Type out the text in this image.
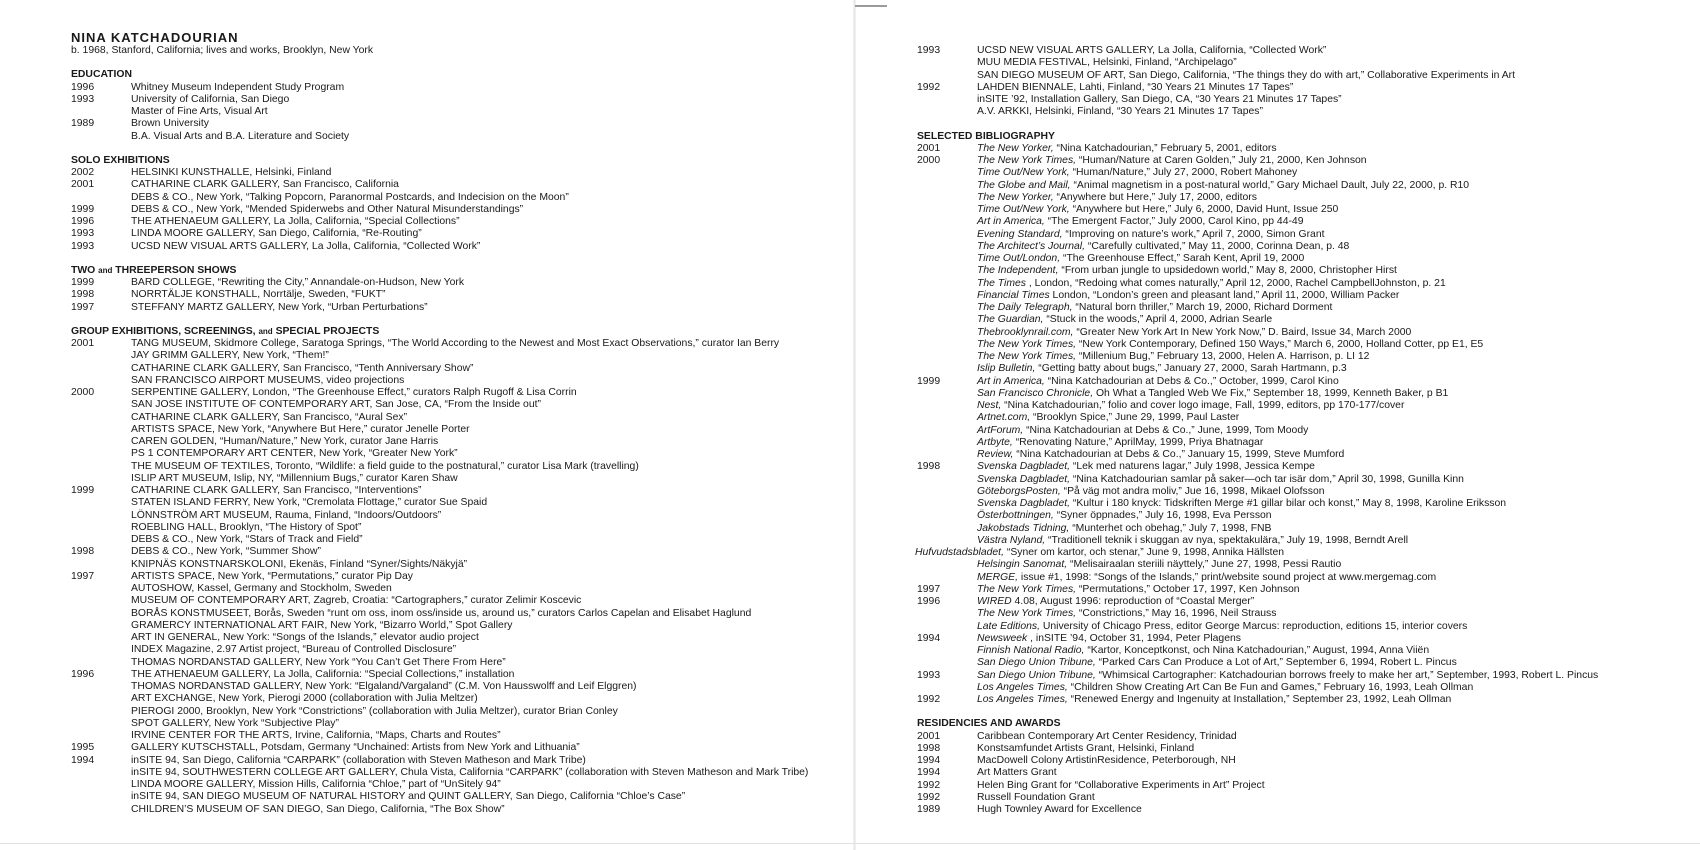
NINA KATCHADOURIAN
b. 1968, Stanford, California; lives and works, Brooklyn, New York
EDUCATION
1996	Whitney Museum Independent Study Program
1993	University of California, San Diego
Master of Fine Arts, Visual Art
1989	Brown University
B.A. Visual Arts and B.A. Literature and Society
SOLO EXHIBITIONS
2002	HELSINKI KUNSTHALLE, Helsinki, Finland
2001	CATHARINE CLARK GALLERY, San Francisco, California
DEBS & CO., New York, “Talking Popcorn, Paranormal Postcards, and Indecision on the Moon”
1999	DEBS & CO., New York, “Mended Spiderwebs and Other Natural Misunderstandings”
1996	THE ATHENAEUM GALLERY, La Jolla, California, “Special Collections”
1993	LINDA MOORE GALLERY, San Diego, California, “Re-Routing”
1993	UCSD NEW VISUAL ARTS GALLERY, La Jolla, California, “Collected Work”
TWO and THREEPERSON SHOWS
1999	BARD COLLEGE, “Rewriting the City,” Annandale-on-Hudson, New York
1998	NORRTÄLJE KONSTHALL, Norrtälje, Sweden, “FUKT”
1997	STEFFANY MARTZ GALLERY, New York, “Urban Perturbations”
GROUP EXHIBITIONS, SCREENINGS, and SPECIAL PROJECTS
2001	TANG MUSEUM, Skidmore College, Saratoga Springs, “The World According to the Newest and Most Exact Observations,” curator Ian Berry
JAY GRIMM GALLERY, New York, “Them!”
CATHARINE CLARK GALLERY, San Francisco, “Tenth Anniversary Show”
SAN FRANCISCO AIRPORT MUSEUMS, video projections
2000	SERPENTINE GALLERY, London, “The Greenhouse Effect,” curators Ralph Rugoff & Lisa Corrin
SAN JOSE INSTITUTE OF CONTEMPORARY ART, San Jose, CA, “From the Inside out”
CATHARINE CLARK GALLERY, San Francisco, “Aural Sex”
ARTISTS SPACE, New York, “Anywhere But Here,” curator Jenelle Porter
CAREN GOLDEN, “Human/Nature,” New York, curator Jane Harris
PS 1 CONTEMPORARY ART CENTER, New York, “Greater New York”
THE MUSEUM OF TEXTILES, Toronto, “Wildlife: a field guide to the postnatural,” curator Lisa Mark (travelling)
ISLIP ART MUSEUM, Islip, NY, “Millennium Bugs,” curator Karen Shaw
1999	CATHARINE CLARK GALLERY, San Francisco, “Interventions”
STATEN ISLAND FERRY, New York, “Cremolata Flottage,” curator Sue Spaid
LÖNNSTRÖM ART MUSEUM, Rauma, Finland, “Indoors/Outdoors”
ROEBLING HALL, Brooklyn, “The History of Spot”
DEBS & CO., New York, “Stars of Track and Field”
1998	DEBS & CO., New York, “Summer Show”
KNIPNÄS KONSTNARSKOLONI, Ekenäs, Finland “Syner/Sights/Näkyjä”
1997	ARTISTS SPACE, New York, “Permutations,” curator Pip Day
AUTOSHOW, Kassel, Germany and Stockholm, Sweden
MUSEUM OF CONTEMPORARY ART, Zagreb, Croatia: “Cartographers,” curator Zelimir Koscevic
BORÅS KONSTMUSEET, Borås, Sweden “runt om oss, inom oss/inside us, around us,” curators Carlos Capelan and Elisabet Haglund
GRAMERCY INTERNATIONAL ART FAIR, New York, “Bizarro World,” Spot Gallery
ART IN GENERAL, New York: “Songs of the Islands,” elevator audio project
INDEX Magazine, 2.97 Artist project, “Bureau of Controlled Disclosure”
THOMAS NORDANSTAD GALLERY, New York “You Can’t Get There From Here”
1996	THE ATHENAEUM GALLERY, La Jolla, California: “Special Collections,” installation
THOMAS NORDANSTAD GALLERY, New York: “Elgaland/Vargaland” (C.M. Von Hausswolff and Leif Elggren)
ART EXCHANGE, New York, Pierogi 2000 (collaboration with Julia Meltzer)
PIEROGI 2000, Brooklyn, New York “Constrictions” (collaboration with Julia Meltzer), curator Brian Conley
SPOT GALLERY, New York “Subjective Play”
IRVINE CENTER FOR THE ARTS, Irvine, California, “Maps, Charts and Routes”
1995	GALLERY KUTSCHSTALL, Potsdam, Germany “Unchained: Artists from New York and Lithuania”
1994	inSITE 94, San Diego, California “CARPARK” (collaboration with Steven Matheson and Mark Tribe)
inSITE 94, SOUTHWESTERN COLLEGE ART GALLERY, Chula Vista, California “CARPARK” (collaboration with Steven Matheson and Mark Tribe)
LINDA MOORE GALLERY, Mission Hills, California “Chloe,” part of “UnSitely 94”
inSITE 94, SAN DIEGO MUSEUM OF NATURAL HISTORY and QUINT GALLERY, San Diego, California “Chloe’s Case”
CHILDREN’S MUSEUM OF SAN DIEGO, San Diego, California, “The Box Show”
1993	UCSD NEW VISUAL ARTS GALLERY, La Jolla, California, “Collected Work”
MUU MEDIA FESTIVAL, Helsinki, Finland, “Archipelago”
SAN DIEGO MUSEUM OF ART, San Diego, California, “The things they do with art,” Collaborative Experiments in Art
1992	LAHDEN BIENNALE, Lahti, Finland, “30 Years 21 Minutes 17 Tapes”
inSITE ’92, Installation Gallery, San Diego, CA, “30 Years 21 Minutes 17 Tapes”
A.V. ARKKI, Helsinki, Finland, “30 Years 21 Minutes 17 Tapes”
SELECTED BIBLIOGRAPHY
2001	The New Yorker, “Nina Katchadourian,” February 5, 2001, editors
2000	The New York Times, “Human/Nature at Caren Golden,” July 21, 2000, Ken Johnson
Time Out/New York, “Human/Nature,” July 27, 2000, Robert Mahoney
The Globe and Mail, “Animal magnetism in a post-natural world,” Gary Michael Dault, July 22, 2000, p. R10
The New Yorker, “Anywhere but Here,” July 17, 2000, editors
Time Out/New York, “Anywhere but Here,” July 6, 2000, David Hunt, Issue 250
Art in America, “The Emergent Factor,” July 2000, Carol Kino, pp 44-49
Evening Standard, “Improving on nature’s work,” April 7, 2000, Simon Grant
The Architect’s Journal, “Carefully cultivated,” May 11, 2000, Corinna Dean, p. 48
Time Out/London, “The Greenhouse Effect,” Sarah Kent, April 19, 2000
The Independent, “From urban jungle to upsidedown world,” May 8, 2000, Christopher Hirst
The Times , London, “Redoing what comes naturally,” April 12, 2000, Rachel CampbellJohnston, p. 21
Financial Times London, “London’s green and pleasant land,” April 11, 2000, William Packer
The Daily Telegraph, “Natural born thriller,” March 19, 2000, Richard Dorment
The Guardian, “Stuck in the woods,” April 4, 2000, Adrian Searle
Thebrooklynrail.com, “Greater New York Art In New York Now,” D. Baird, Issue 34, March 2000
The New York Times, “New York Contemporary, Defined 150 Ways,” March 6, 2000, Holland Cotter, pp E1, E5
The New York Times, “Millenium Bug,” February 13, 2000, Helen A. Harrison, p. LI 12
Islip Bulletin, “Getting batty about bugs,” January 27, 2000, Sarah Hartmann, p.3
1999	Art in America, “Nina Katchadourian at Debs & Co.,” October, 1999, Carol Kino
San Francisco Chronicle, Oh What a Tangled Web We Fix,” September 18, 1999, Kenneth Baker, p B1
Nest, “Nina Katchadourian,” folio and cover logo image, Fall, 1999, editors, pp 170-177/cover
Artnet.com, “Brooklyn Spice,” June 29, 1999, Paul Laster
ArtForum, “Nina Katchadourian at Debs & Co.,” June, 1999, Tom Moody
Artbyte, “Renovating Nature,” AprilMay, 1999, Priya Bhatnagar
Review, “Nina Katchadourian at Debs & Co.,” January 15, 1999, Steve Mumford
1998	Svenska Dagbladet, “Lek med naturens lagar,” July 1998, Jessica Kempe
Svenska Dagbladet, “Nina Katchadourian samlar på saker—och tar isär dom,” April 30, 1998, Gunilla Kinn
GöteborgsPosten, “På väg mot andra moliv,” Jue 16, 1998, Mikael Olofsson
Svenska Dagbladet, “Kultur i 180 knyck: Tidskriften Merge #1 gillar bilar och konst,” May 8, 1998, Karoline Eriksson
Österbottningen, “Syner öppnades,” July 16, 1998, Eva Persson
Jakobstads Tidning, “Munterhet och obehag,” July 7, 1998, FNB
Västra Nyland, “Traditionell teknik i skuggan av nya, spektakulära,” July 19, 1998, Berndt Arell
Hufvudstadsbladet, “Syner om kartor, och stenar,” June 9, 1998, Annika Hällsten
Helsingin Sanomat, “Melisairaalan steriili näyttely,” June 27, 1998, Pessi Rautio
MERGE, issue #1, 1998: “Songs of the Islands,” print/website sound project at www.mergemag.com
1997	The New York Times, “Permutations,” October 17, 1997, Ken Johnson
1996	WIRED 4.08, August 1996: reproduction of “Coastal Merger”
The New York Times, “Constrictions,” May 16, 1996, Neil Strauss
Late Editions, University of Chicago Press, editor George Marcus: reproduction, editions 15, interior covers
1994	Newsweek , inSITE ’94, October 31, 1994, Peter Plagens
Finnish National Radio, “Kartor, Konceptkonst, och Nina Katchadourian,” August, 1994, Anna Viiën
San Diego Union Tribune, “Parked Cars Can Produce a Lot of Art,” September 6, 1994, Robert L. Pincus
1993	San Diego Union Tribune, “Whimsical Cartographer: Katchadourian borrows freely to make her art,” September, 1993, Robert L. Pincus
Los Angeles Times, “Children Show Creating Art Can Be Fun and Games,” February 16, 1993, Leah Ollman
1992	Los Angeles Times, “Renewed Energy and Ingenuity at Installation,” September 23, 1992, Leah Ollman
RESIDENCIES AND AWARDS
2001	Caribbean Contemporary Art Center Residency, Trinidad
1998	Konstsamfundet Artists Grant, Helsinki, Finland
1994	MacDowell Colony ArtistinResidence, Peterborough, NH
1994	Art Matters Grant
1992	Helen Bing Grant for “Collaborative Experiments in Art” Project
1992	Russell Foundation Grant
1989	Hugh Townley Award for Excellence
